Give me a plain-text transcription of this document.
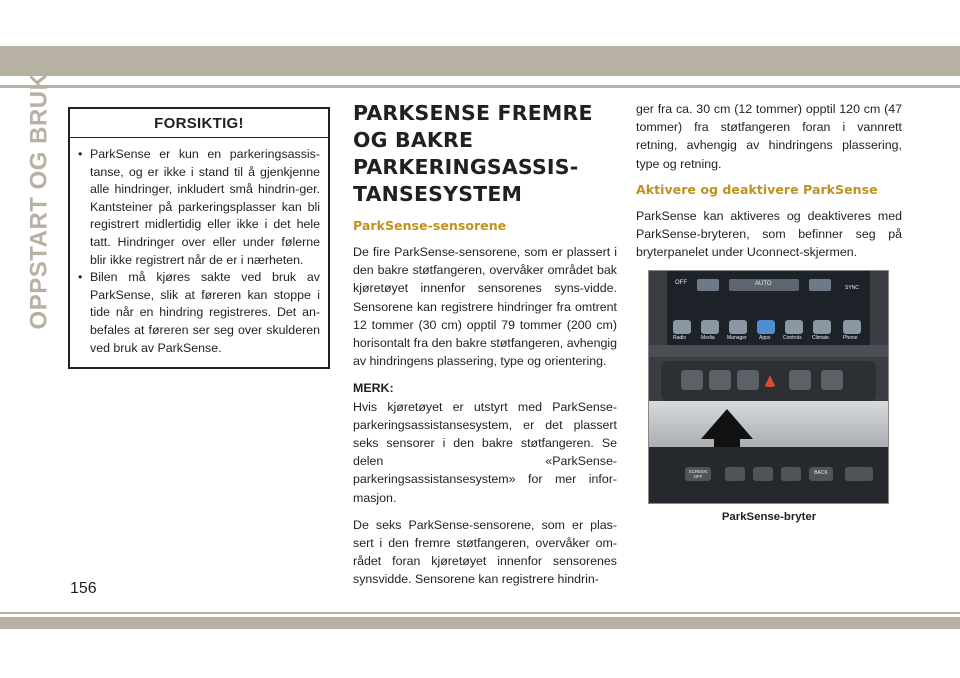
OPPSTART OG BRUK	FORSIKTIG!
• ParkSense er kun en parkeringsassis-tanse, og er ikke i stand til å gjenkjenne alle hindringer, inkludert små hindrin-ger. Kantsteiner på parkeringsplasser kan bli registrert midlertidig eller ikke i det hele tatt. Hindringer over eller under følerne blir ikke registrert når de er i nærheten.
• Bilen må kjøres sakte ved bruk av ParkSense, slik at føreren kan stoppe i tide når en hindring registreres. Det an-befales at føreren ser seg over skulderen ved bruk av ParkSense.
PARKSENSE FREMRE OG BAKRE PARKERINGSASSIS-TANSESYSTEM
ParkSense-sensorene

De fire ParkSense-sensorene, som er plassert i den bakre støtfangeren, overvåker området bak kjøretøyet innenfor sensorenes syns-vidde. Sensorene kan registrere hindringer fra omtrent 12 tommer (30 cm) opptil 79 tommer (200 cm) horisontalt fra den bakre støtfangeren, avhengig av hindringens plassering, type og orientering.

MERK:
Hvis kjøretøyet er utstyrt med ParkSense-parkeringsassistansesystem, er det plassert seks sensorer i den bakre støtfangeren. Se delen «ParkSense-parkeringsassistansesystem» for mer infor-masjon.

De seks ParkSense-sensorene, som er plas-sert i den fremre støtfangeren, overvåker om-rådet foran kjøretøyet innenfor sensorenes synsvidde. Sensorene kan registrere hindrin-

ger fra ca. 30 cm (12 tommer) opptil 120 cm (47 tommer) fra støtfangeren foran i vannrett retning, avhengig av hindringens plassering, type og retning.

Aktivere og deaktivere ParkSense

ParkSense kan aktiveres og deaktiveres med ParkSense-bryteren, som befinner seg på bryterpanelet under Uconnect-skjermen.

OFF	AUTO
SYNC
Radio	Media Manager Apps	Controls Climate	Phone
SCREEN OFF
BACK
ParkSense-bryter
156
